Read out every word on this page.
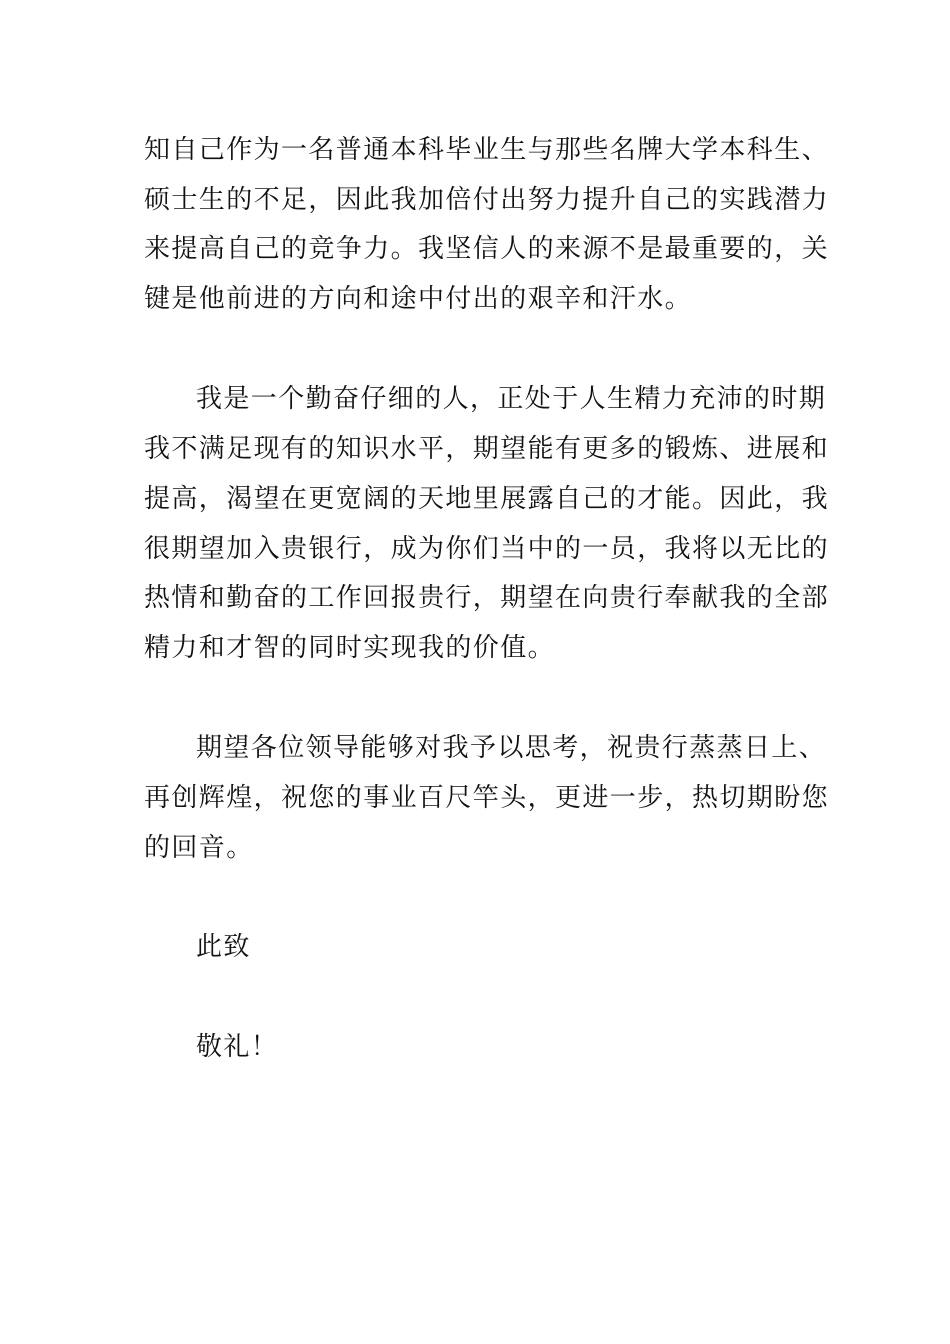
知自己作为一名普通本科毕业生与那些名牌大学本科生、
硕士生的不足，因此我加倍付出努力提升自己的实践潜力
来提高自己的竞争力。我坚信人的来源不是最重要的，关
键是他前进的方向和途中付出的艰辛和汗水。
我是一个勤奋仔细的人，正处于人生精力充沛的时期
我不满足现有的知识水平，期望能有更多的锻炼、进展和
提高，渴望在更宽阔的天地里展露自己的才能。因此，我
很期望加入贵银行，成为你们当中的一员，我将以无比的
热情和勤奋的工作回报贵行，期望在向贵行奉献我的全部
精力和才智的同时实现我的价值。
期望各位领导能够对我予以思考，祝贵行蒸蒸日上、
再创辉煌，祝您的事业百尺竿头，更进一步，热切期盼您
的回音。
此致
敬礼！
